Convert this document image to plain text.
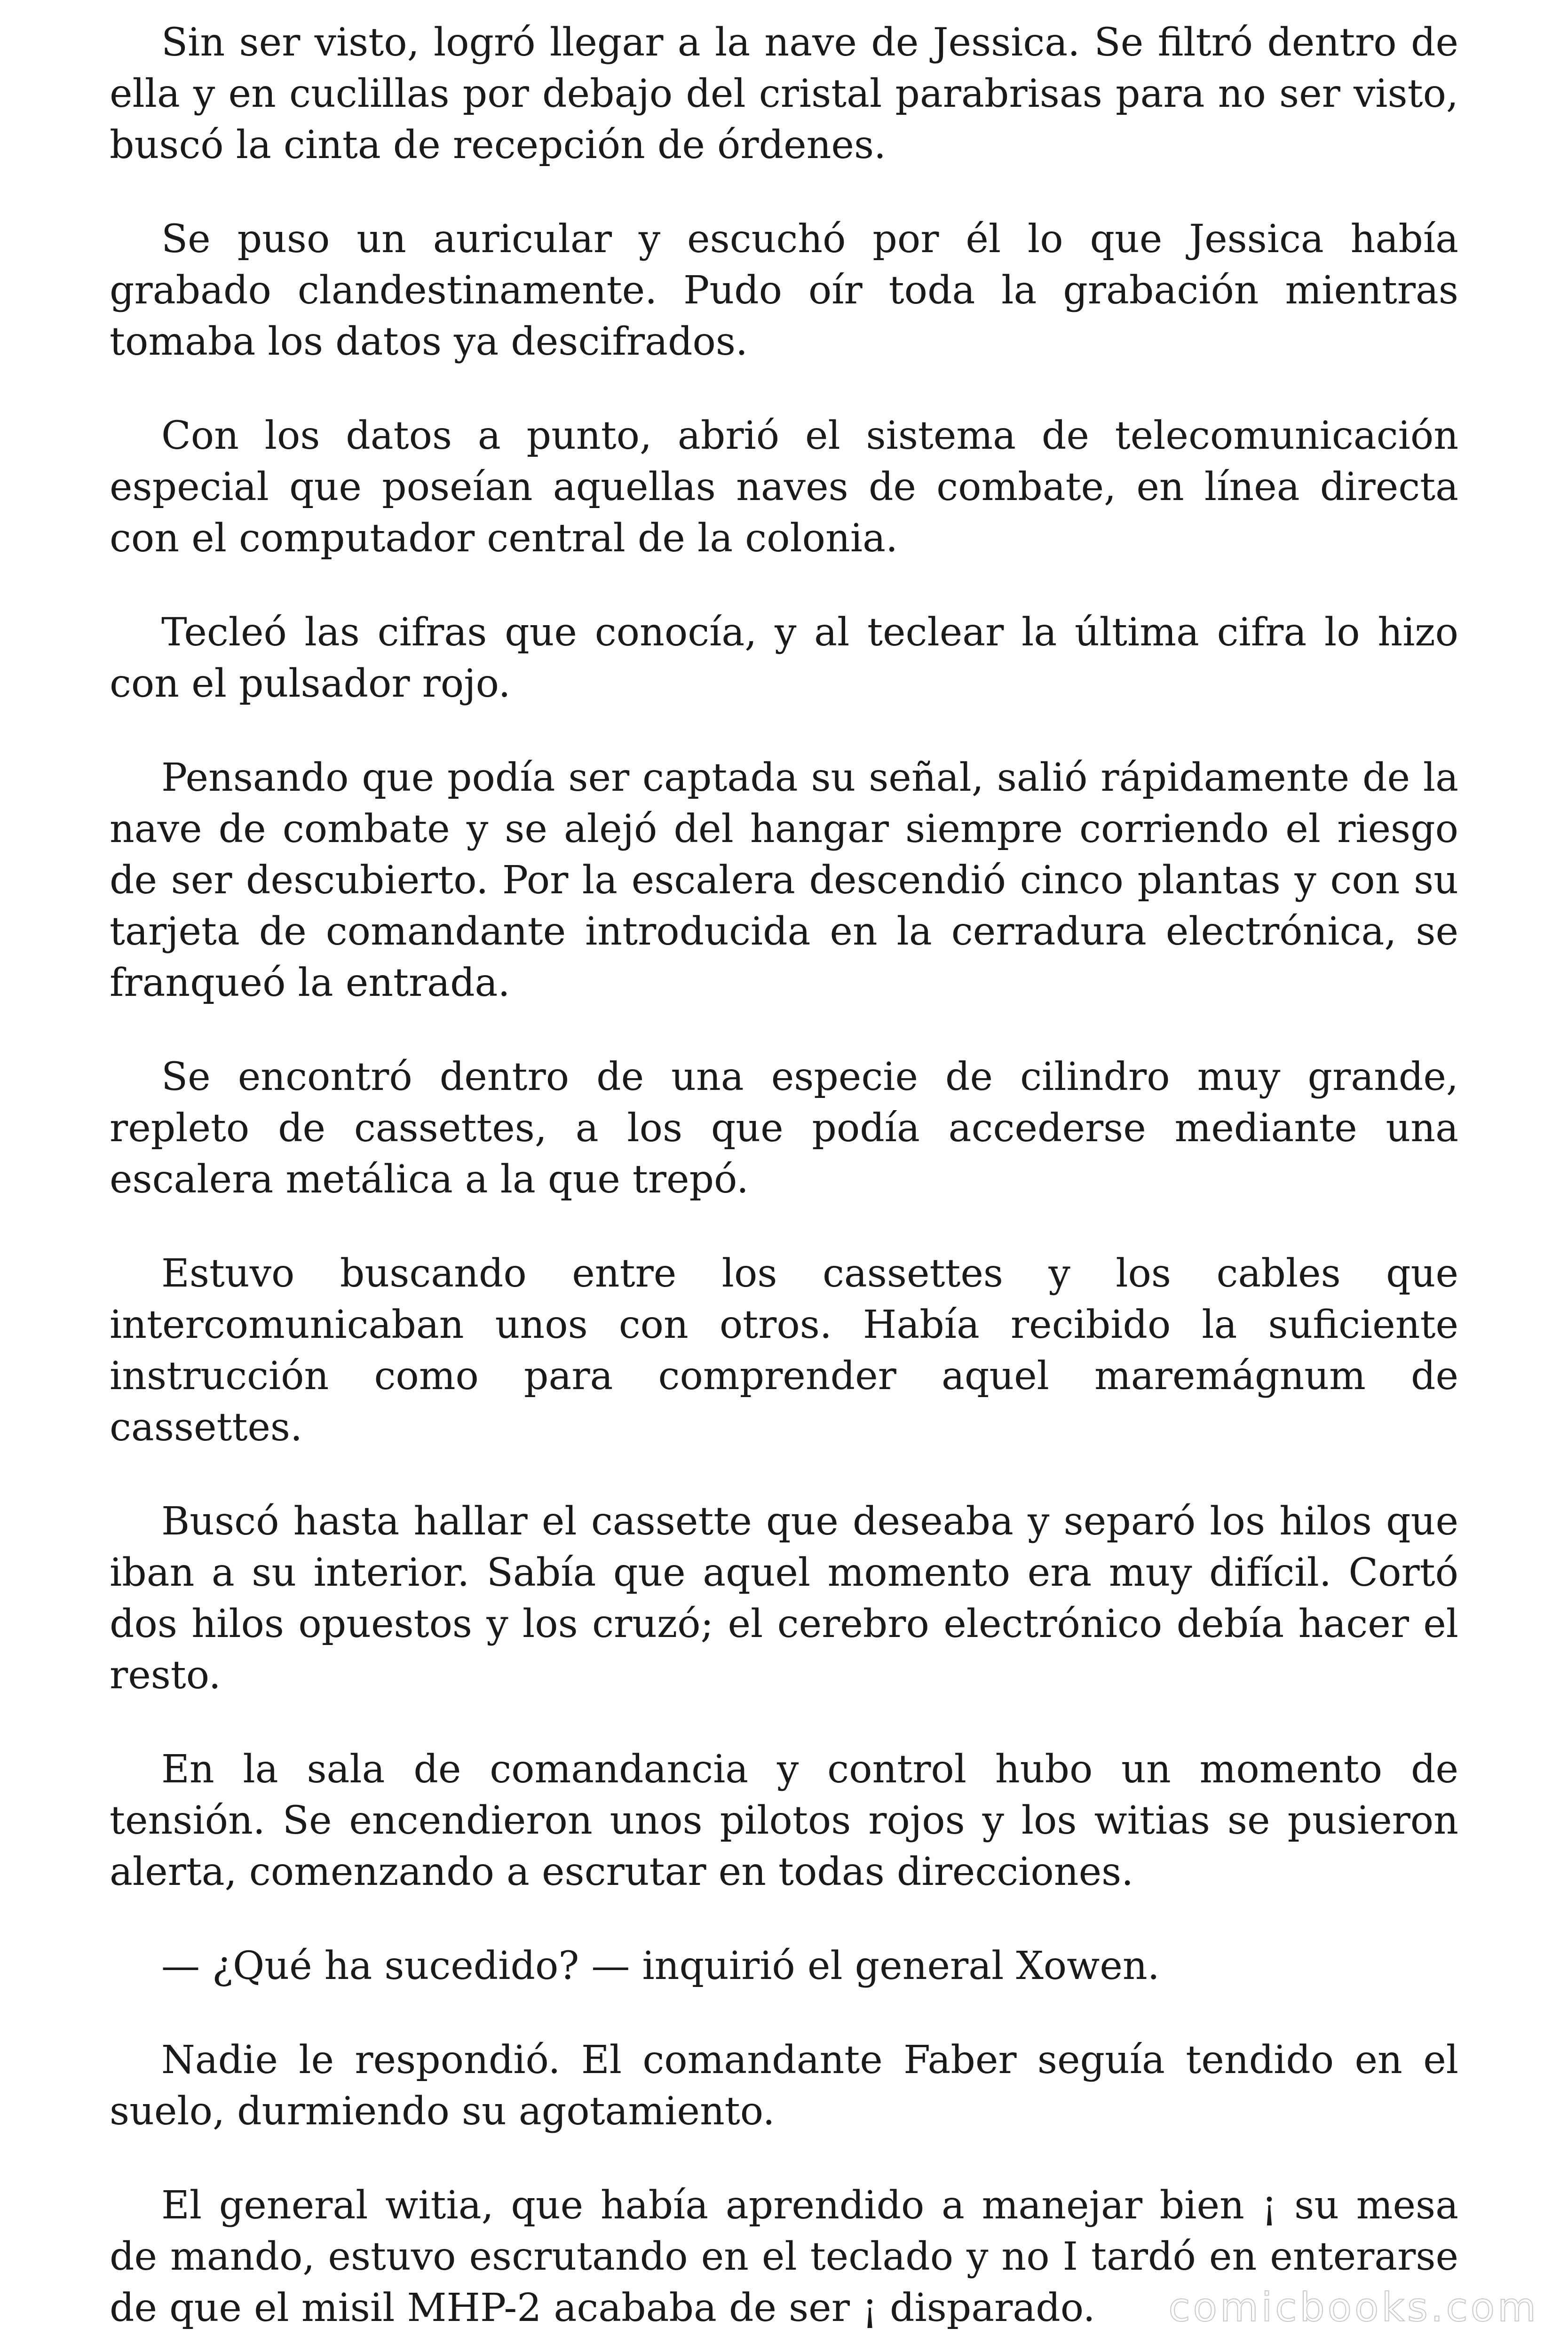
Sin ser visto, logró llegar a la nave de Jessica. Se filtró dentro de ella y en cuclillas por debajo del cristal parabrisas para no ser visto, buscó la cinta de recepción de órdenes.

Se puso un auricular y escuchó por él lo que Jessica había grabado clandestinamente. Pudo oír toda la grabación mientras tomaba los datos ya descifrados.

Con los datos a punto, abrió el sistema de telecomunicación especial que poseían aquellas naves de combate, en línea directa con el computador central de la colonia.

Tecleó las cifras que conocía, y al teclear la última cifra lo hizo con el pulsador rojo.

Pensando que podía ser captada su señal, salió rápidamente de la nave de combate y se alejó del hangar siempre corriendo el riesgo de ser descubierto. Por la escalera descendió cinco plantas y con su tarjeta de comandante introducida en la cerradura electrónica, se franqueó la entrada.

Se encontró dentro de una especie de cilindro muy grande, repleto de cassettes, a los que podía accederse mediante una escalera metálica a la que trepó.

Estuvo buscando entre los cassettes y los cables que intercomunicaban unos con otros. Había recibido la suficiente instrucción como para comprender aquel maremágnum de cassettes.

Buscó hasta hallar el cassette que deseaba y separó los hilos que iban a su interior. Sabía que aquel momento era muy difícil. Cortó dos hilos opuestos y los cruzó; el cerebro electrónico debía hacer el resto.

En la sala de comandancia y control hubo un momento de tensión. Se encendieron unos pilotos rojos y los witias se pusieron alerta, comenzando a escrutar en todas direcciones.

— ¿Qué ha sucedido? — inquirió el general Xowen.

Nadie le respondió. El comandante Faber seguía tendido en el suelo, durmiendo su agotamiento.

El general witia, que había aprendido a manejar bien ¡ su mesa de mando, estuvo escrutando en el teclado y no I tardó en enterarse de que el misil MHP-2 acababa de ser ¡ disparado.	comicbooks.com
